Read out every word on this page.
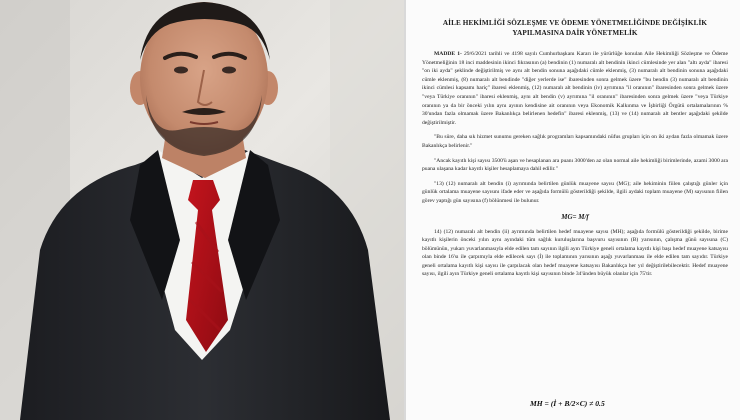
AİLE HEKİMLİĞİ SÖZLEŞME VE ÖDEME YÖNETMELİĞİNDE DEĞİŞİKLİK
YAPILMASINA DAİR YÖNETMELİK

MADDE 1- 29/6/2021 tarihli ve 4198 sayılı Cumhurbaşkanı Kararı ile yürürlüğe konulan Aile Hekimliği Sözleşme ve Ödeme Yönetmeliğinin 18 inci maddesinin ikinci fıkrasının (a) bendinin (1) numaralı alt bendinin ikinci cümlesinde yer alan "altı ayda" ibaresi "on iki ayda" şeklinde değiştirilmiş ve aynı alt bendin sonuna aşağıdaki cümle eklenmiş, (3) numaralı alt bendinin sonuna aşağıdaki cümle eklenmiş, (8) numaralı alt bendinde "diğer yerlerde ise" ibaresinden sonra gelmek üzere "bu bendin (3) numaralı alt bendinin ikinci cümlesi kapsamı hariç" ibaresi eklenmiş, (12) numaralı alt bendinin (iv) ayrımına "il oranının" ibaresinden sonra gelmek üzere "veya Türkiye oranının" ibaresi eklenmiş, aynı alt bendin (v) ayrımına "il oranının" ibaresinden sonra gelmek üzere "veya Türkiye oranının ya da bir önceki yılın aynı ayının kendisine ait oranının veya Ekonomik Kalkınma ve İşbirliği Örgütü ortalamalarının % 30'undan fazla olmamak üzere Bakanlıkça belirlenen hedefin" ibaresi eklenmiş, (13) ve (14) numaralı alt bentler aşağıdaki şekilde değiştirilmiştir.

"Bu süre, daha sık hizmet sunumu gereken sağlık programları kapsamındaki nüfus grupları için on iki aydan fazla olmamak üzere Bakanlıkça belirlenir."

"Ancak kayıtlı kişi sayısı 3500'ü aşan ve hesaplanan ara puanı 3000'den az olan normal aile hekimliği birimlerinde, azami 3000 ara puana ulaşana kadar kayıtlı kişiler hesaplamaya dahil edilir."

"13) (12) numaralı alt bendin (i) ayrımında belirtilen günlük muayene sayısı (MG); aile hekiminin fiilen çalıştığı günler için günlük ortalama muayene sayısını ifade eder ve aşağıda formülü gösterildiği şekilde, ilgili aydaki toplam muayene (M) sayısının fiilen görev yaptığı gün sayısına (f) bölünmesi ile bulunur.

MG= M/f

14) (12) numaralı alt bendin (ii) ayrımında belirtilen hedef muayene sayısı (MH); aşağıda formülü gösterildiği şekilde, birime kayıtlı kişilerin önceki yılın aynı ayındaki tüm sağlık kuruluşlarına başvuru sayısının (B) yarısının, çalışma günü sayısına (C) bölümünün, yukarı yuvarlanmasıyla elde edilen tam sayının ilgili ayın Türkiye geneli ortalama kayıtlı kişi başı hedef muayene katsayısı olan binde 16'sı ile çarpımıyla elde edilecek sayı (İ) ile toplamının yarısının aşağı yuvarlanması ile elde edilen tam sayıdır. Türkiye geneli ortalama kayıtlı kişi sayısı ile çarpılacak olan hedef muayene katsayısı Bakanlıkça her yıl değiştirilebilecektir. Hedef muayene sayısı, ilgili ayın Türkiye geneli ortalama kayıtlı kişi sayısının binde 34'ünden büyük olanlar için 75'tir.

MH = (İ + B/2×C) ≠ 0.5
